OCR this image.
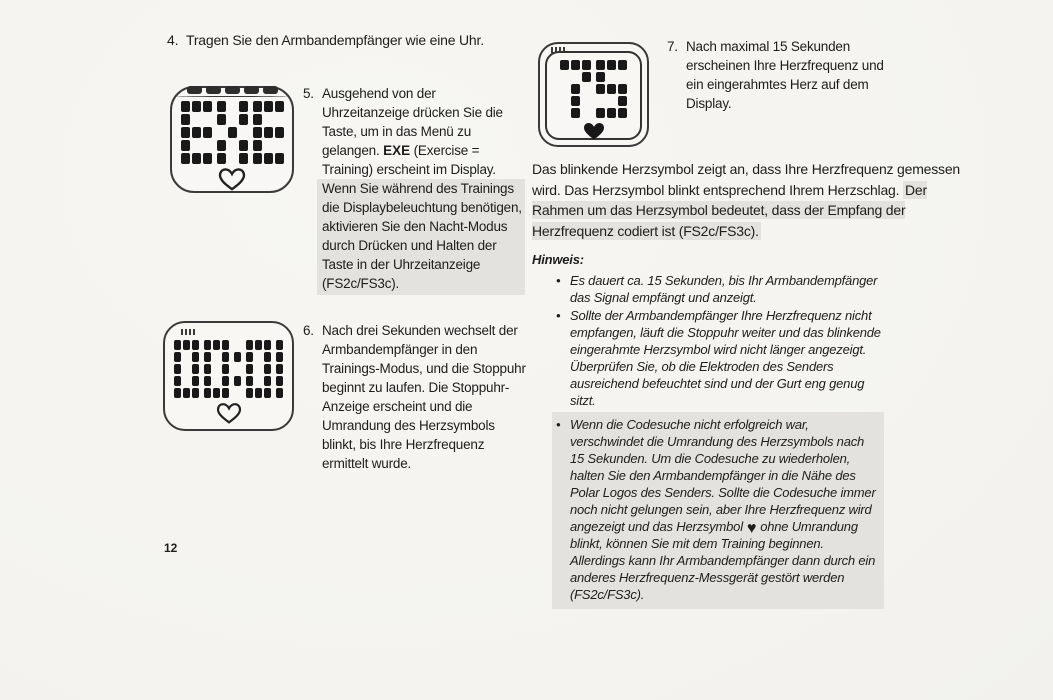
4. Tragen Sie den Armbandempfänger wie eine Uhr.
5. Ausgehend von der Uhrzeitanzeige drücken Sie die Taste, um in das Menü zu gelangen. EXE (Exercise = Training) erscheint im Display.
Wenn Sie während des Trainings die Displaybeleuchtung benötigen, aktivieren Sie den Nacht-Modus durch Drücken und Halten der Taste in der Uhrzeitanzeige (FS2c/FS3c).
6. Nach drei Sekunden wechselt der Armbandempfänger in den Trainings-Modus, und die Stoppuhr beginnt zu laufen. Die Stoppuhr-Anzeige erscheint und die Umrandung des Herzsymbols blinkt, bis Ihre Herzfrequenz ermittelt wurde.
7. Nach maximal 15 Sekunden erscheinen Ihre Herzfrequenz und ein eingerahmtes Herz auf dem Display.
Das blinkende Herzsymbol zeigt an, dass Ihre Herzfrequenz gemessen wird. Das Herzsymbol blinkt entsprechend Ihrem Herzschlag. Der Rahmen um das Herzsymbol bedeutet, dass der Empfang der Herzfrequenz codiert ist (FS2c/FS3c).
Hinweis:
• Es dauert ca. 15 Sekunden, bis Ihr Armbandempfänger das Signal empfängt und anzeigt.
• Sollte der Armbandempfänger Ihre Herzfrequenz nicht empfangen, läuft die Stoppuhr weiter und das blinkende eingerahmte Herzsymbol wird nicht länger angezeigt. Überprüfen Sie, ob die Elektroden des Senders ausreichend befeuchtet sind und der Gurt eng genug sitzt.
• Wenn die Codesuche nicht erfolgreich war, verschwindet die Umrandung des Herzsymbols nach 15 Sekunden. Um die Codesuche zu wiederholen, halten Sie den Armbandempfänger in die Nähe des Polar Logos des Senders. Sollte die Codesuche immer noch nicht gelungen sein, aber Ihre Herzfrequenz wird angezeigt und das Herzsymbol ♥ ohne Umrandung blinkt, können Sie mit dem Training beginnen. Allerdings kann Ihr Armbandempfänger dann durch ein anderes Herzfrequenz-Messgerät gestört werden (FS2c/FS3c).
12
